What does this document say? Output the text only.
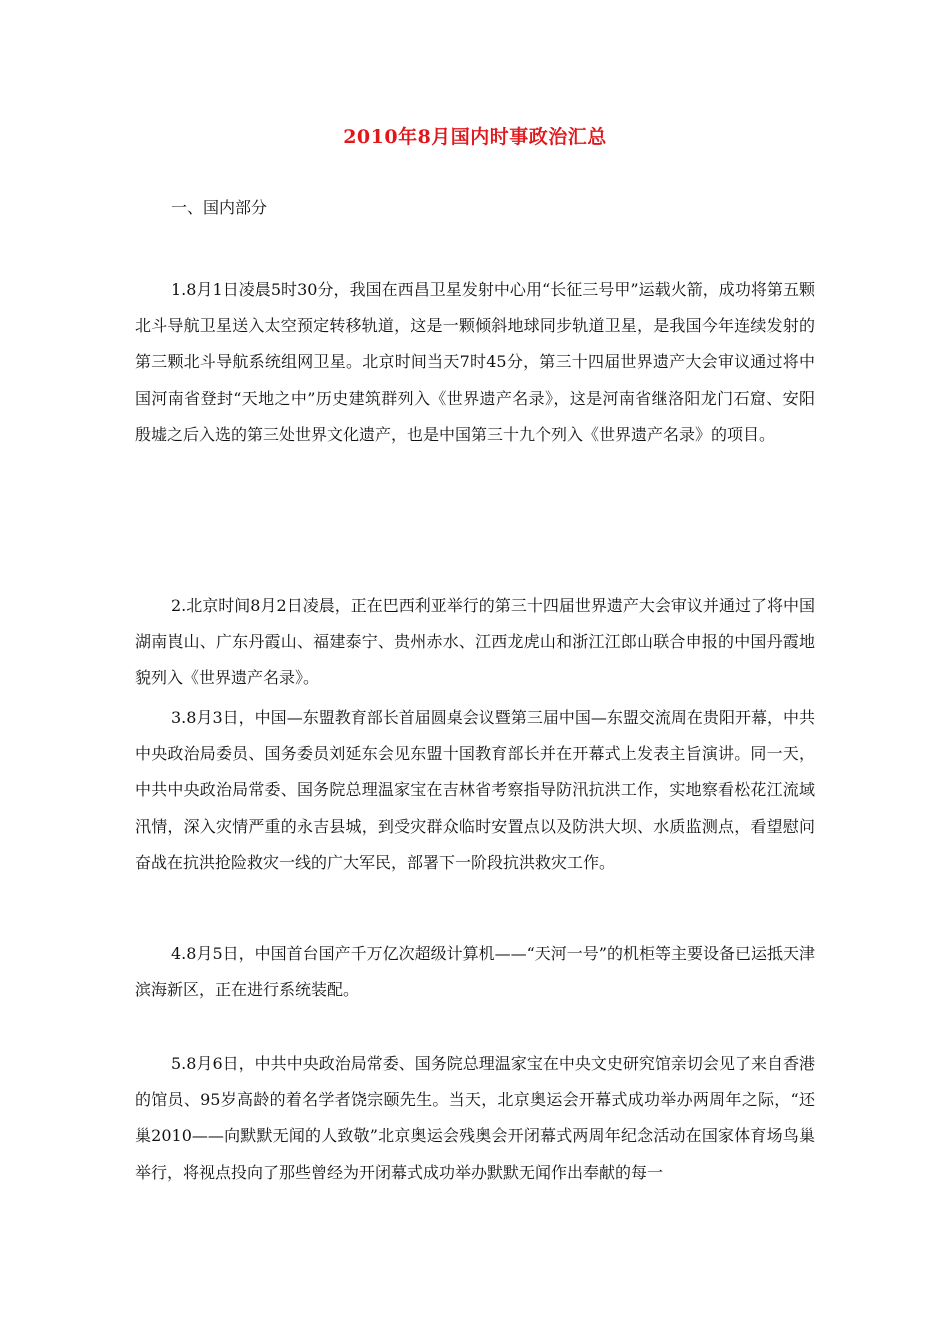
2010年8月国内时事政治汇总
一、国内部分

1.8月1日凌晨5时30分，我国在西昌卫星发射中心用“长征三号甲”运载火箭，成功将第五颗北斗导航卫星送入太空预定转移轨道，这是一颗倾斜地球同步轨道卫星，是我国今年连续发射的第三颗北斗导航系统组网卫星。北京时间当天7时45分，第三十四届世界遗产大会审议通过将中国河南省登封“天地之中”历史建筑群列入《世界遗产名录》，这是河南省继洛阳龙门石窟、安阳殷墟之后入选的第三处世界文化遗产，也是中国第三十九个列入《世界遗产名录》的项目。

2.北京时间8月2日凌晨，正在巴西利亚举行的第三十四届世界遗产大会审议并通过了将中国湖南崀山、广东丹霞山、福建泰宁、贵州赤水、江西龙虎山和浙江江郎山联合申报的中国丹霞地貌列入《世界遗产名录》。

3.8月3日，中国—东盟教育部长首届圆桌会议暨第三届中国—东盟交流周在贵阳开幕，中共中央政治局委员、国务委员刘延东会见东盟十国教育部长并在开幕式上发表主旨演讲。同一天，中共中央政治局常委、国务院总理温家宝在吉林省考察指导防汛抗洪工作，实地察看松花江流域汛情，深入灾情严重的永吉县城，到受灾群众临时安置点以及防洪大坝、水质监测点，看望慰问奋战在抗洪抢险救灾一线的广大军民，部署下一阶段抗洪救灾工作。

4.8月5日，中国首台国产千万亿次超级计算机——“天河一号”的机柜等主要设备已运抵天津滨海新区，正在进行系统装配。

5.8月6日，中共中央政治局常委、国务院总理温家宝在中央文史研究馆亲切会见了来自香港的馆员、95岁高龄的着名学者饶宗颐先生。当天，北京奥运会开幕式成功举办两周年之际，“还巢2010——向默默无闻的人致敬”北京奥运会残奥会开闭幕式两周年纪念活动在国家体育场鸟巢举行，将视点投向了那些曾经为开闭幕式成功举办默默无闻作出奉献的每一
